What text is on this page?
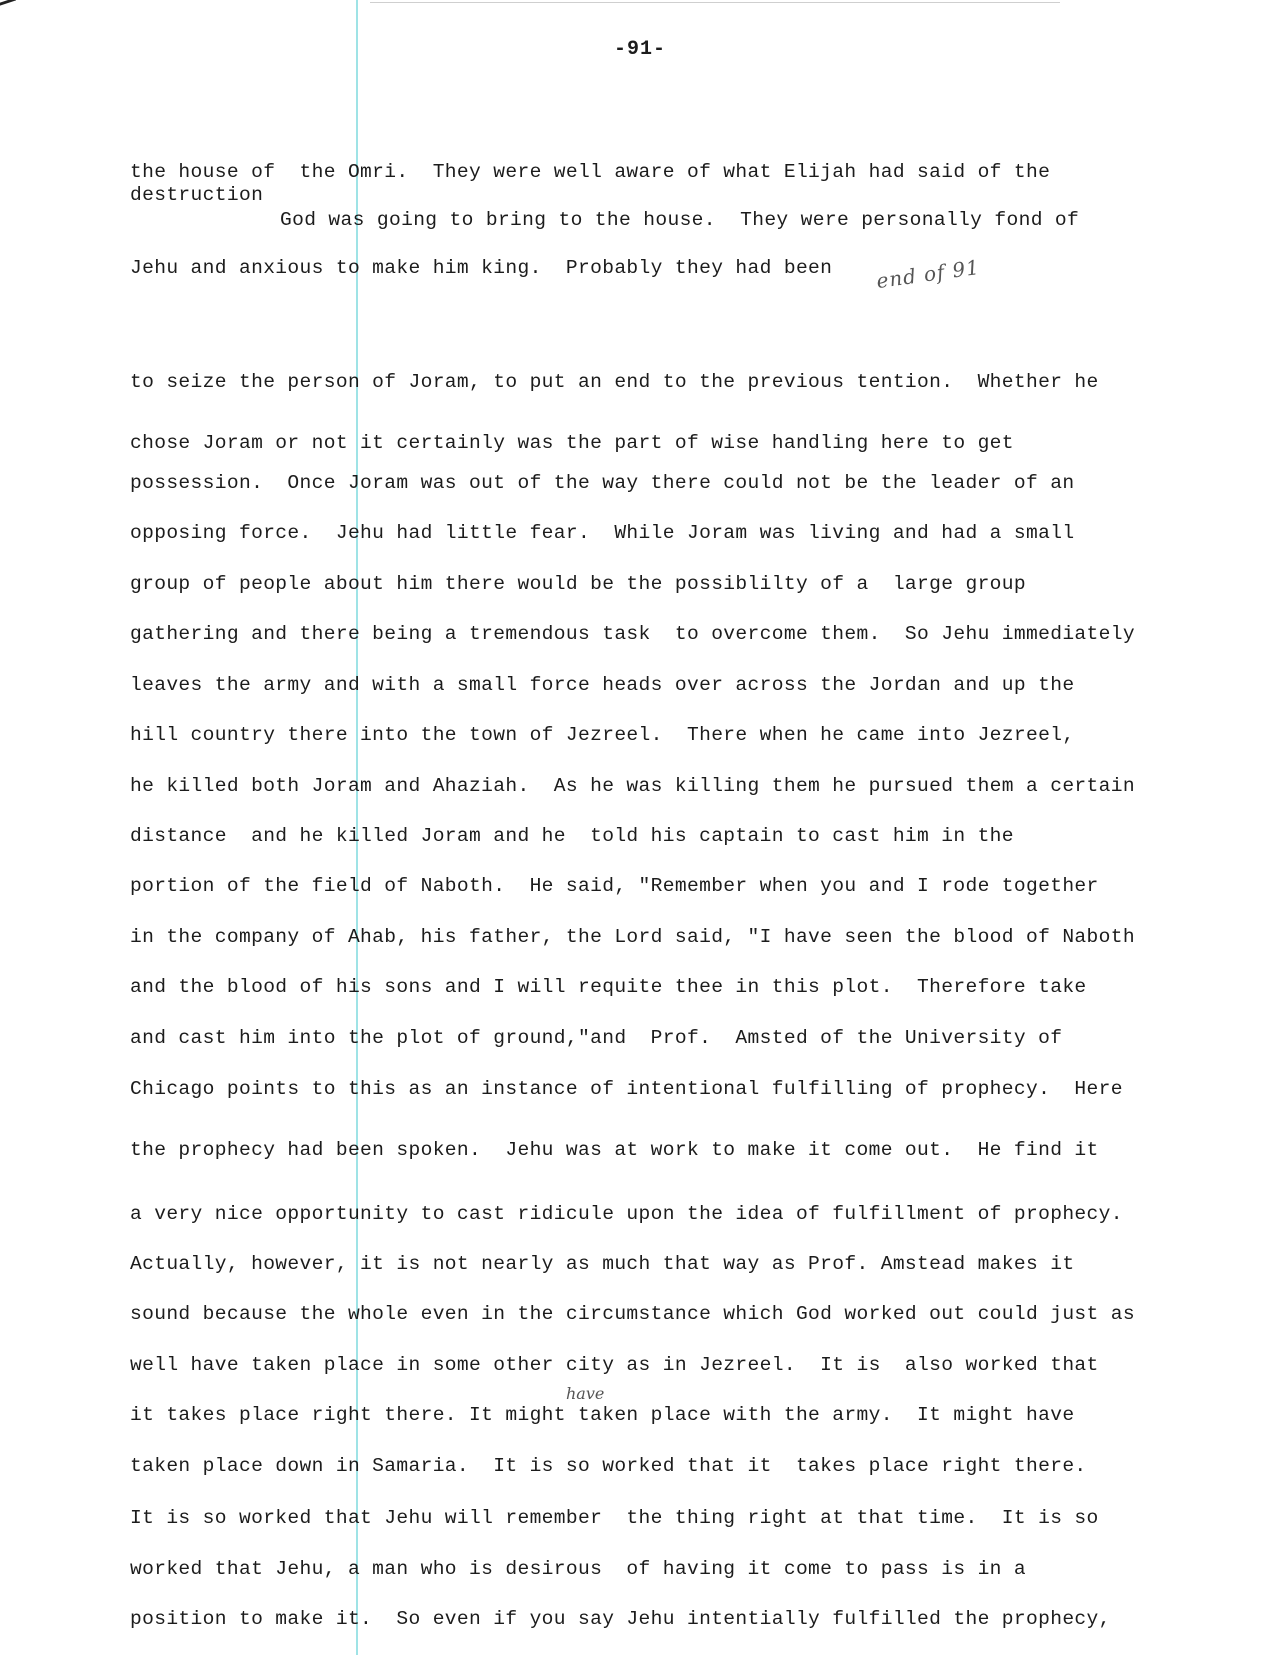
-91-
the house of  the Omri.  They were well aware of what Elijah had said of the
destruction
God was going to bring to the house.  They were personally fond of
Jehu and anxious to make him king.  Probably they had been end of 91
to seize the person of Joram, to put an end to the previous tention.  Whether he
chose Joram or not it certainly was the part of wise handling here to get
possession.  Once Joram was out of the way there could not be the leader of an
opposing force.  Jehu had little fear.  While Joram was living and had a small
group of people about him there would be the possiblilty of a  large group
gathering and there being a tremendous task  to overcome them.  So Jehu immediately
leaves the army and with a small force heads over across the Jordan and up the
hill country there into the town of Jezreel.  There when he came into Jezreel,
he killed both Joram and Ahaziah.  As he was killing them he pursued them a certain
distance  and he killed Joram and he  told his captain to cast him in the
portion of the field of Naboth.  He said, "Remember when you and I rode together
in the company of Ahab, his father, the Lord said, "I have seen the blood of Naboth
and the blood of his sons and I will requite thee in this plot.  Therefore take
and cast him into the plot of ground,"and  Prof.  Amsted of the University of
Chicago points to this as an instance of intentional fulfilling of prophecy.  Here
the prophecy had been spoken.  Jehu was at work to make it come out.  He find it
a very nice opportunity to cast ridicule upon the idea of fulfillment of prophecy.
Actually, however, it is not nearly as much that way as Prof. Amstead makes it
sound because the whole even in the circumstance which God worked out could just as
well have taken place in some other city as in Jezreel.  It is  also worked that
have
it takes place right there. It might taken place with the army.  It might have
taken place down in Samaria.  It is so worked that it  takes place right there.
It is so worked that Jehu will remember  the thing right at that time.  It is so
worked that Jehu, a man who is desirous  of having it come to pass is in a
position to make it.  So even if you say Jehu intentially fulfilled the prophecy,
